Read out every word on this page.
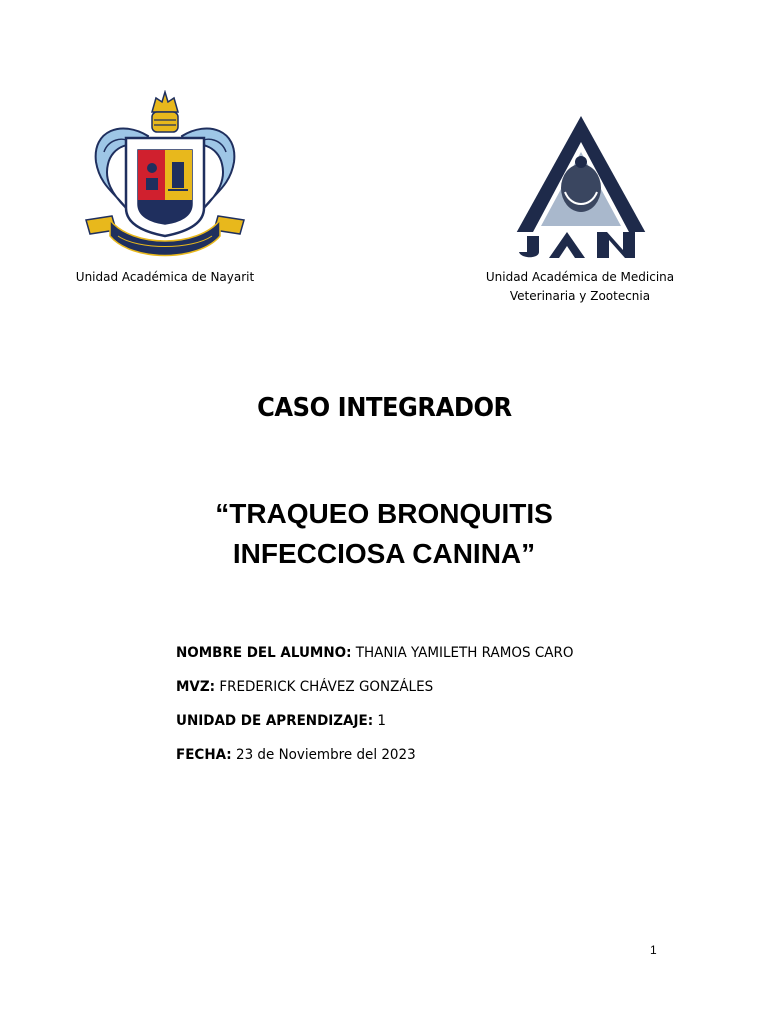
Unidad Académica de Nayarit	Unidad Académica de Medicina
Veterinaria y Zootecnia
CASO INTEGRADOR
“TRAQUEO BRONQUITIS
INFECCIOSA CANINA”
NOMBRE DEL ALUMNO: THANIA YAMILETH RAMOS CARO
MVZ: FREDERICK CHÁVEZ GONZÁLES
UNIDAD DE APRENDIZAJE: 1
FECHA: 23 de Noviembre del 2023
1
